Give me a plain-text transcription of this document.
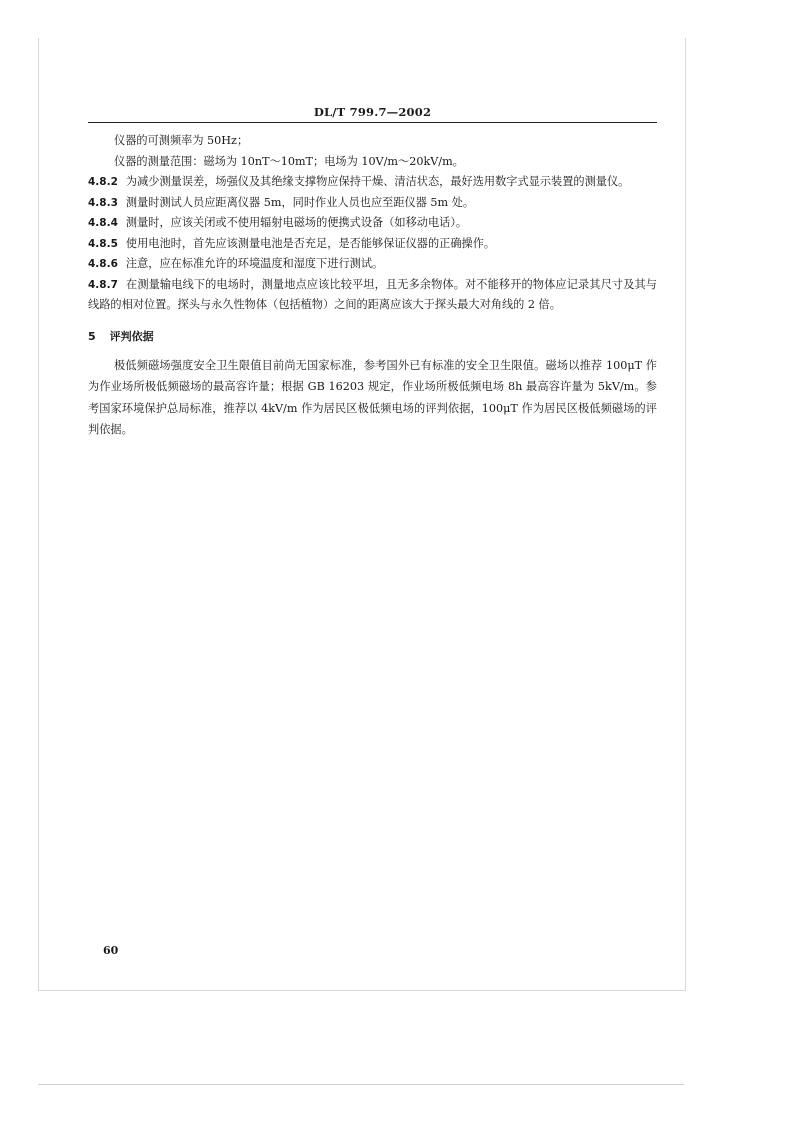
DL/T 799.7—2002

仪器的可测频率为 50Hz；

仪器的测量范围：磁场为 10nT～10mT；电场为 10V/m～20kV/m。

4.8.2 为减少测量误差，场强仪及其绝缘支撑物应保持干燥、清洁状态，最好选用数字式显示装置的测量仪。

4.8.3 测量时测试人员应距离仪器 5m，同时作业人员也应至距仪器 5m 处。

4.8.4 测量时，应该关闭或不使用辐射电磁场的便携式设备（如移动电话）。

4.8.5 使用电池时，首先应该测量电池是否充足，是否能够保证仪器的正确操作。

4.8.6 注意，应在标准允许的环境温度和湿度下进行测试。

4.8.7 在测量输电线下的电场时，测量地点应该比较平坦，且无多余物体。对不能移开的物体应记录其尺寸及其与线路的相对位置。探头与永久性物体（包括植物）之间的距离应该大于探头最大对角线的 2 倍。

5 评判依据

极低频磁场强度安全卫生限值目前尚无国家标准，参考国外已有标准的安全卫生限值。磁场以推荐 100μT 作为作业场所极低频磁场的最高容许量；根据 GB 16203 规定，作业场所极低频电场 8h 最高容许量为 5kV/m。参考国家环境保护总局标准，推荐以 4kV/m 作为居民区极低频电场的评判依据，100μT 作为居民区极低频磁场的评判依据。

60
